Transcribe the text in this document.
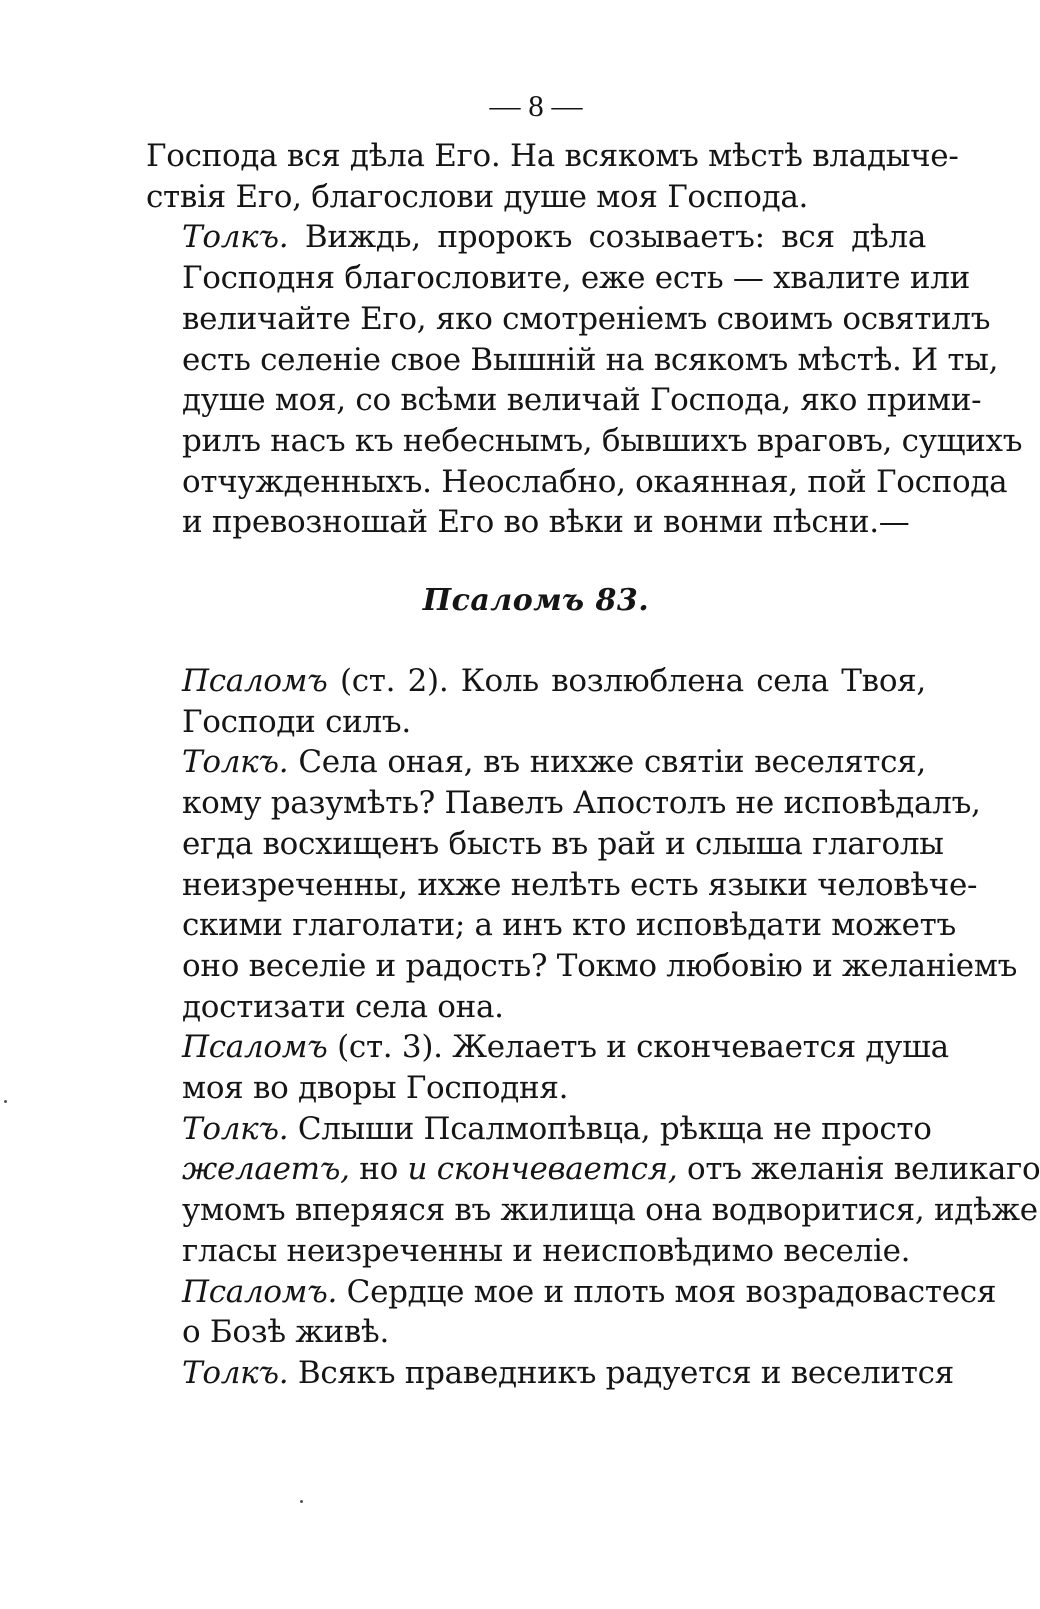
— 8 —

Господа вся дѣла Его. На всякомъ мѣстѣ владыче-
ствія Его, благослови душе моя Господа.

Толкъ. Виждь, пророкъ созываетъ: вся дѣла
Господня благословите, еже есть — хвалите или
величайте Его, яко смотреніемъ своимъ освятилъ
есть селеніе свое Вышній на всякомъ мѣстѣ. И ты,
душе моя, со всѣми величай Господа, яко прими-
рилъ насъ къ небеснымъ, бывшихъ враговъ, сущихъ
отчужденныхъ. Неослабно, окаянная, пой Господа
и превозношай Его во вѣки и вонми пѣсни.—

Псаломъ 83.

Псаломъ (ст. 2). Коль возлюблена села Твоя,
Господи силъ.

Толкъ. Села оная, въ нихже святіи веселятся,
кому разумѣть? Павелъ Апостолъ не исповѣдалъ,
егда восхищенъ бысть въ рай и слыша глаголы
неизреченны, ихже нелѣть есть языки человѣче-
скими глаголати; а инъ кто исповѣдати можетъ
оно веселіе и радость? Токмо любовію и желаніемъ
достизати села она.

Псаломъ (ст. 3). Желаетъ и скончевается душа
моя во дворы Господня.

Толкъ. Слыши Псалмопѣвца, рѣкща не просто
желаетъ, но и скончевается, отъ желанія великаго
умомъ вперяяся въ жилища она водворитися, идѣже
гласы неизреченны и неисповѣдимо веселіе.

Псаломъ. Сердце мое и плоть моя возрадовастеся
о Бозѣ живѣ.

Толкъ. Всякъ праведникъ радуется и веселится
